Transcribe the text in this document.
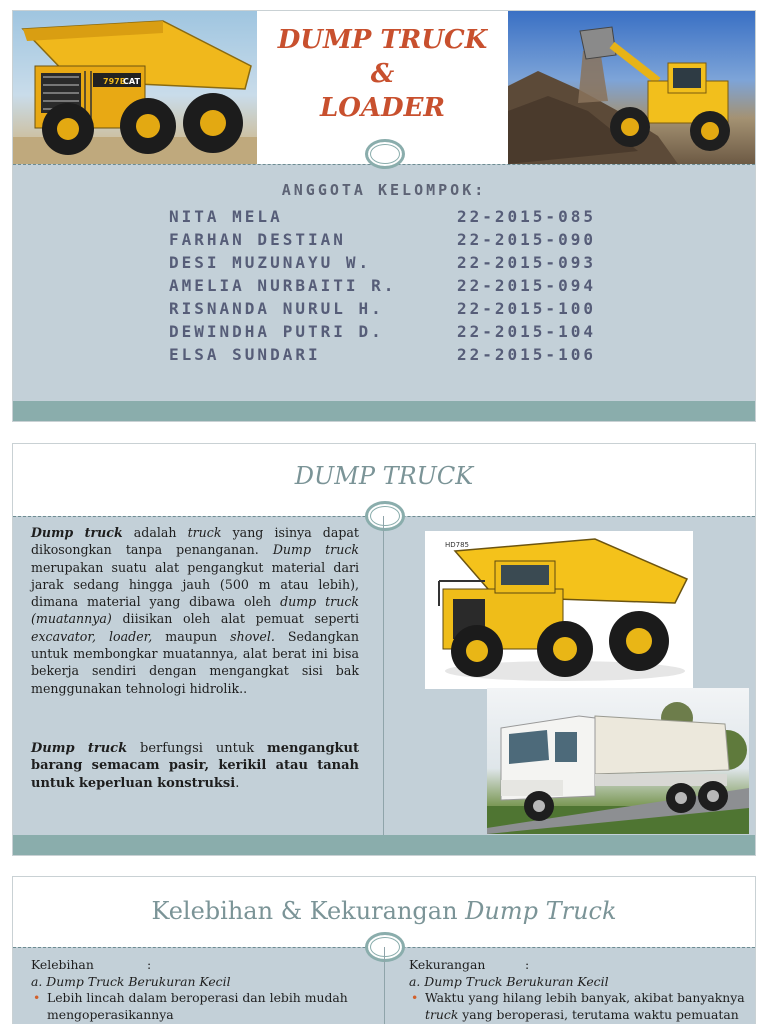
797B
CAT
DUMP TRUCK
&
LOADER
ANGGOTA KELOMPOK:
NITA MELA	22-2015-085
FARHAN DESTIAN	22-2015-090
DESI MUZUNAYU W.	22-2015-093
AMELIA NURBAITI R.	22-2015-094
RISNANDA NURUL H.	22-2015-100
DEWINDHA PUTRI D.	22-2015-104
ELSA SUNDARI	22-2015-106
DUMP TRUCK

Dump truck adalah truck yang isinya dapat dikosongkan tanpa penanganan. Dump truck merupakan suatu alat pengangkut material dari jarak sedang hingga jauh (500 m atau lebih), dimana material yang dibawa oleh dump truck (muatannya) diisikan oleh alat pemuat seperti excavator, loader, maupun shovel. Sedangkan untuk membongkar muatannya, alat berat ini bisa bekerja sendiri dengan mengangkat sisi bak menggunakan tehnologi hidrolik..

Dump truck berfungsi untuk mengangkut barang semacam pasir, kerikil atau tanah untuk keperluan konstruksi.

HD785
Kelebihan & Kekurangan Dump Truck
Kelebihan	:
a. Dump Truck Berukuran Kecil
• Lebih lincah dalam beroperasi dan lebih mudah mengoperasikannya
Kekurangan	:
a. Dump Truck Berukuran Kecil
• Waktu yang hilang lebih banyak, akibat banyaknya truck yang beroperasi, terutama waktu pemuatan
